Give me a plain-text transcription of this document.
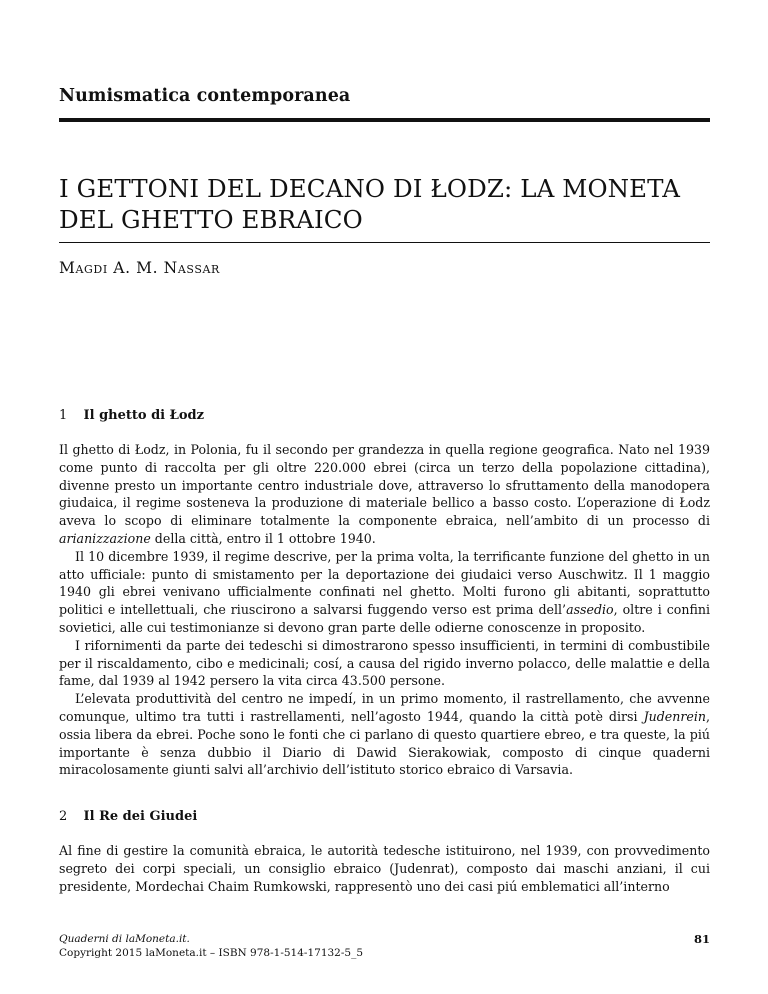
Numismatica contemporanea
I GETTONI DEL DECANO DI ŁODZ: LA MONETA
DEL GHETTO EBRAICO
Magdi A. M. Nassar
1 Il ghetto di Łodz

Il ghetto di Łodz, in Polonia, fu il secondo per grandezza in quella regione geografica. Nato nel 1939 come punto di raccolta per gli oltre 220.000 ebrei (circa un terzo della popolazione cittadina), divenne presto un importante centro industriale dove, attraverso lo sfruttamento della manodopera giudaica, il regime sosteneva la produzione di materiale bellico a basso costo. L’operazione di Łodz aveva lo scopo di eliminare totalmente la componente ebraica, nell’ambito di un processo di arianizzazione della città, entro il 1 ottobre 1940.

Il 10 dicembre 1939, il regime descrive, per la prima volta, la terrificante funzione del ghetto in un atto ufficiale: punto di smistamento per la deportazione dei giudaici verso Auschwitz. Il 1 maggio 1940 gli ebrei venivano ufficialmente confinati nel ghetto. Molti furono gli abitanti, soprattutto politici e intellettuali, che riuscirono a salvarsi fuggendo verso est prima dell’assedio, oltre i confini sovietici, alle cui testimonianze si devono gran parte delle odierne conoscenze in proposito.

I rifornimenti da parte dei tedeschi si dimostrarono spesso insufficienti, in termini di combustibile per il riscaldamento, cibo e medicinali; cosí, a causa del rigido inverno polacco, delle malattie e della fame, dal 1939 al 1942 persero la vita circa 43.500 persone.

L’elevata produttività del centro ne impedí, in un primo momento, il rastrellamento, che avvenne comunque, ultimo tra tutti i rastrellamenti, nell’agosto 1944, quando la città potè dirsi Judenrein, ossia libera da ebrei. Poche sono le fonti che ci parlano di questo quartiere ebreo, e tra queste, la piú importante è senza dubbio il Diario di Dawid Sierakowiak, composto di cinque quaderni miracolosamente giunti salvi all’archivio dell’istituto storico ebraico di Varsavia.

2 Il Re dei Giudei

Al fine di gestire la comunità ebraica, le autorità tedesche istituirono, nel 1939, con provvedimento segreto dei corpi speciali, un consiglio ebraico (Judenrat), composto dai maschi anziani, il cui presidente, Mordechai Chaim Rumkowski, rappresentò uno dei casi piú emblematici all’interno

Quaderni di laMoneta.it.
Copyright 2015 laMoneta.it – ISBN 978-1-514-17132-5_5
81
